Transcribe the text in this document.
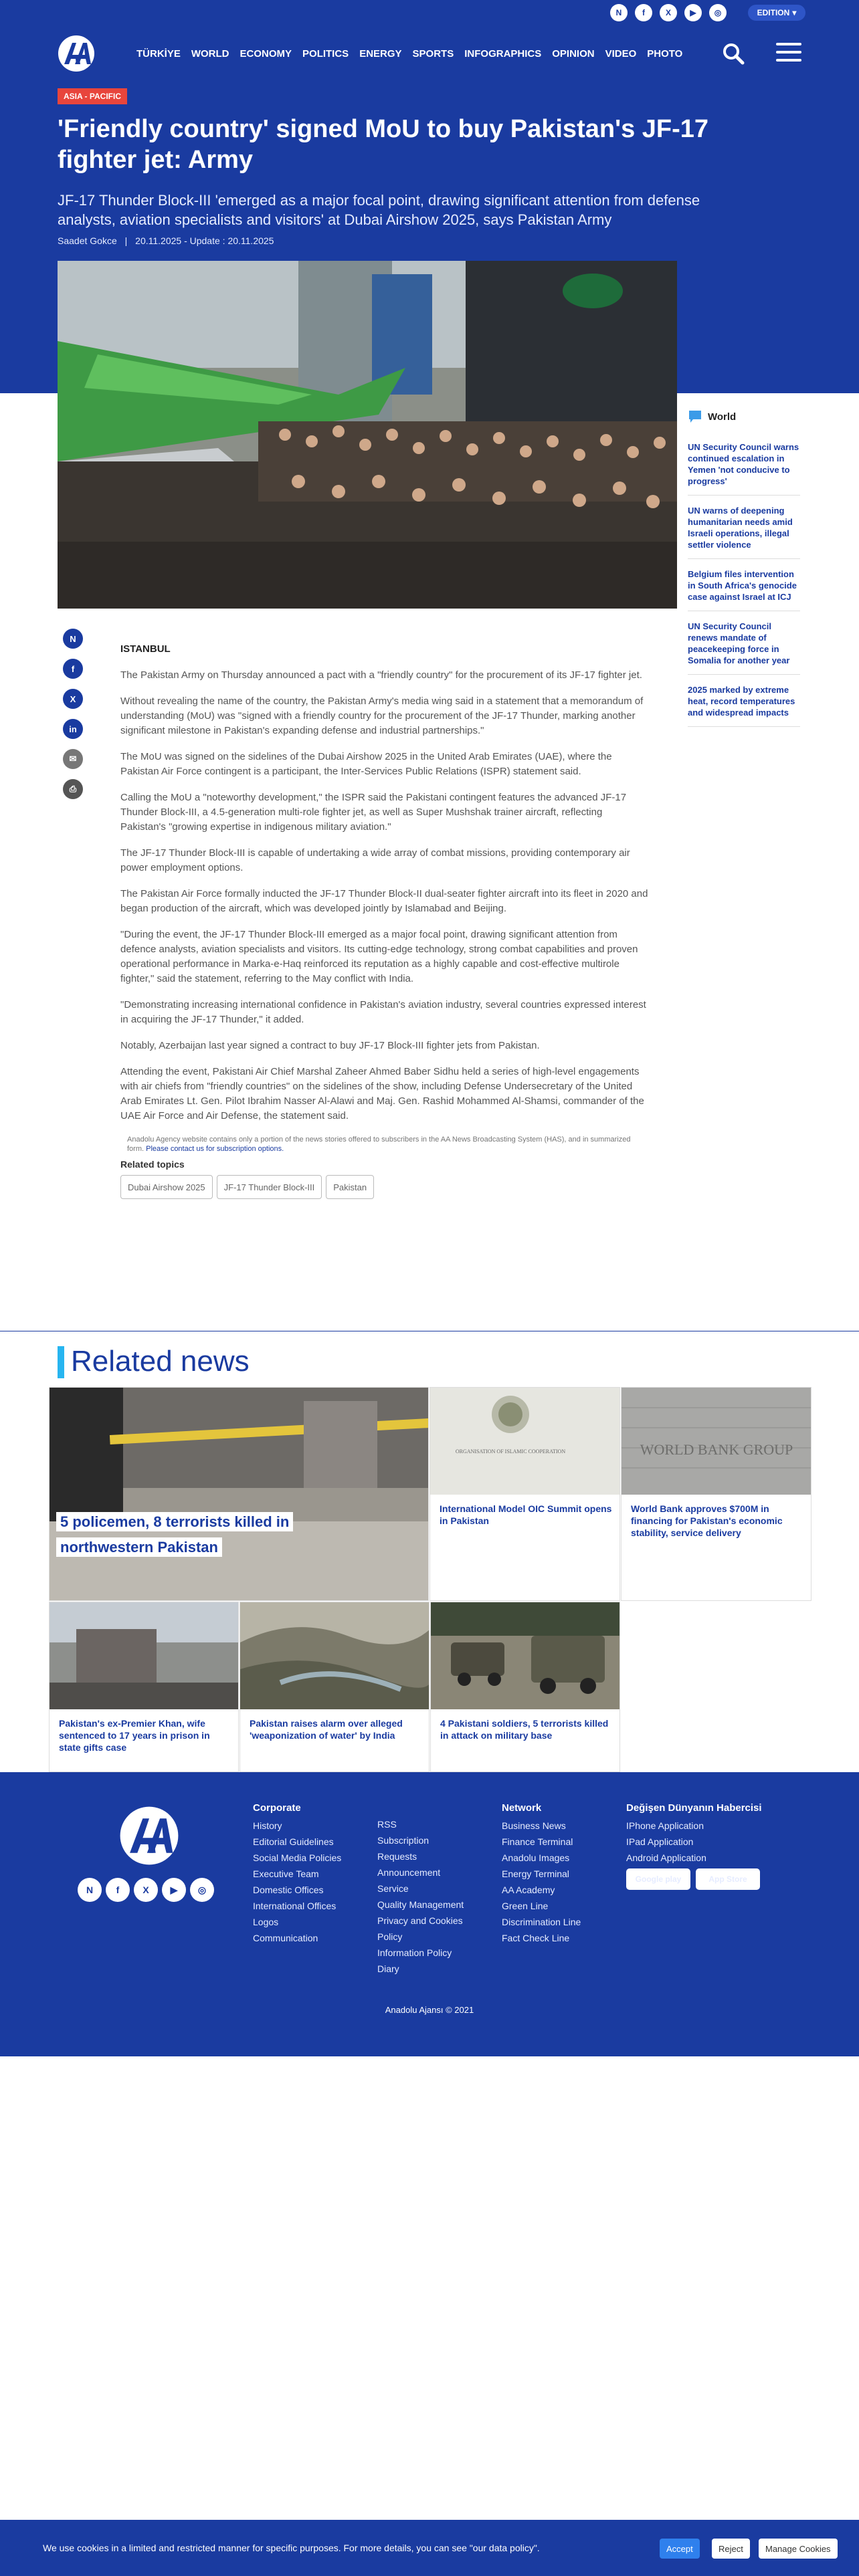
N	f	X	▶	◎	EDITION ▾
TÜRKİYE WORLD ECONOMY POLITICS ENERGY SPORTS INFOGRAPHICS OPINION VIDEO PHOTO
ASIA - PACIFIC
'Friendly country' signed MoU to buy Pakistan's JF-17 fighter jet: Army
JF-17 Thunder Block-III 'emerged as a major focal point, drawing significant attention from defense analysts, aviation specialists and visitors' at Dubai Airshow 2025, says Pakistan Army
Saadet Gokce | 20.11.2025 - Update : 20.11.2025
World
UN Security Council warns continued escalation in Yemen 'not conducive to progress'
UN warns of deepening humanitarian needs amid Israeli operations, illegal settler violence
Belgium files intervention in South Africa's genocide case against Israel at ICJ
UN Security Council renews mandate of peacekeeping force in Somalia for another year
2025 marked by extreme heat, record temperatures and widespread impacts
N
f
X
in
✉
⎙
ISTANBUL

The Pakistan Army on Thursday announced a pact with a "friendly country" for the procurement of its JF-17 fighter jet.

Without revealing the name of the country, the Pakistan Army's media wing said in a statement that a memorandum of understanding (MoU) was "signed with a friendly country for the procurement of the JF-17 Thunder, marking another significant milestone in Pakistan's expanding defense and industrial partnerships."

The MoU was signed on the sidelines of the Dubai Airshow 2025 in the United Arab Emirates (UAE), where the Pakistan Air Force contingent is a participant, the Inter-Services Public Relations (ISPR) statement said.

Calling the MoU a "noteworthy development," the ISPR said the Pakistani contingent features the advanced JF-17 Thunder Block-III, a 4.5-generation multi-role fighter jet, as well as Super Mushshak trainer aircraft, reflecting Pakistan's "growing expertise in indigenous military aviation."

The JF-17 Thunder Block-III is capable of undertaking a wide array of combat missions, providing contemporary air power employment options.

The Pakistan Air Force formally inducted the JF-17 Thunder Block-II dual-seater fighter aircraft into its fleet in 2020 and began production of the aircraft, which was developed jointly by Islamabad and Beijing.

"During the event, the JF-17 Thunder Block-III emerged as a major focal point, drawing significant attention from defence analysts, aviation specialists and visitors. Its cutting-edge technology, strong combat capabilities and proven operational performance in Marka-e-Haq reinforced its reputation as a highly capable and cost-effective multirole fighter," said the statement, referring to the May conflict with India.

"Demonstrating increasing international confidence in Pakistan's aviation industry, several countries expressed interest in acquiring the JF-17 Thunder," it added.

Notably, Azerbaijan last year signed a contract to buy JF-17 Block-III fighter jets from Pakistan.

Attending the event, Pakistani Air Chief Marshal Zaheer Ahmed Baber Sidhu held a series of high-level engagements with air chiefs from "friendly countries" on the sidelines of the show, including Defense Undersecretary of the United Arab Emirates Lt. Gen. Pilot Ibrahim Nasser Al-Alawi and Maj. Gen. Rashid Mohammed Al-Shamsi, commander of the UAE Air Force and Air Defense, the statement said.

Anadolu Agency website contains only a portion of the news stories offered to subscribers in the AA News Broadcasting System (HAS), and in summarized form. Please contact us for subscription options.
Related topics
Dubai Airshow 2025 JF-17 Thunder Block-III Pakistan
Related news
5 policemen, 8 terrorists killed in northwestern Pakistan
ORGANISATION OF ISLAMIC COOPERATION
International Model OIC Summit opens in Pakistan
WORLD BANK GROUP
World Bank approves $700M in financing for Pakistan's economic stability, service delivery
Pakistan's ex-Premier Khan, wife sentenced to 17 years in prison in state gifts case
Pakistan raises alarm over alleged 'weaponization of water' by India
4 Pakistani soldiers, 5 terrorists killed in attack on military base
N	f	X	▶	◎
Corporate
History
Editorial Guidelines
Social Media Policies
Executive Team
Domestic Offices
International Offices
Logos
Communication
RSS
Subscription Requests
Announcement Service
Quality Management
Privacy and Cookies Policy
Information Policy
Diary
Network
Business News
Finance Terminal
Anadolu Images
Energy Terminal
AA Academy
Green Line
Discrimination Line
Fact Check Line
Değişen Dünyanın Habercisi
IPhone Application
IPad Application
Android Application
Google play	App Store
Anadolu Ajansı © 2021
We use cookies in a limited and restricted manner for specific purposes. For more details, you can see "our data policy".	Accept	Reject	Manage Cookies
